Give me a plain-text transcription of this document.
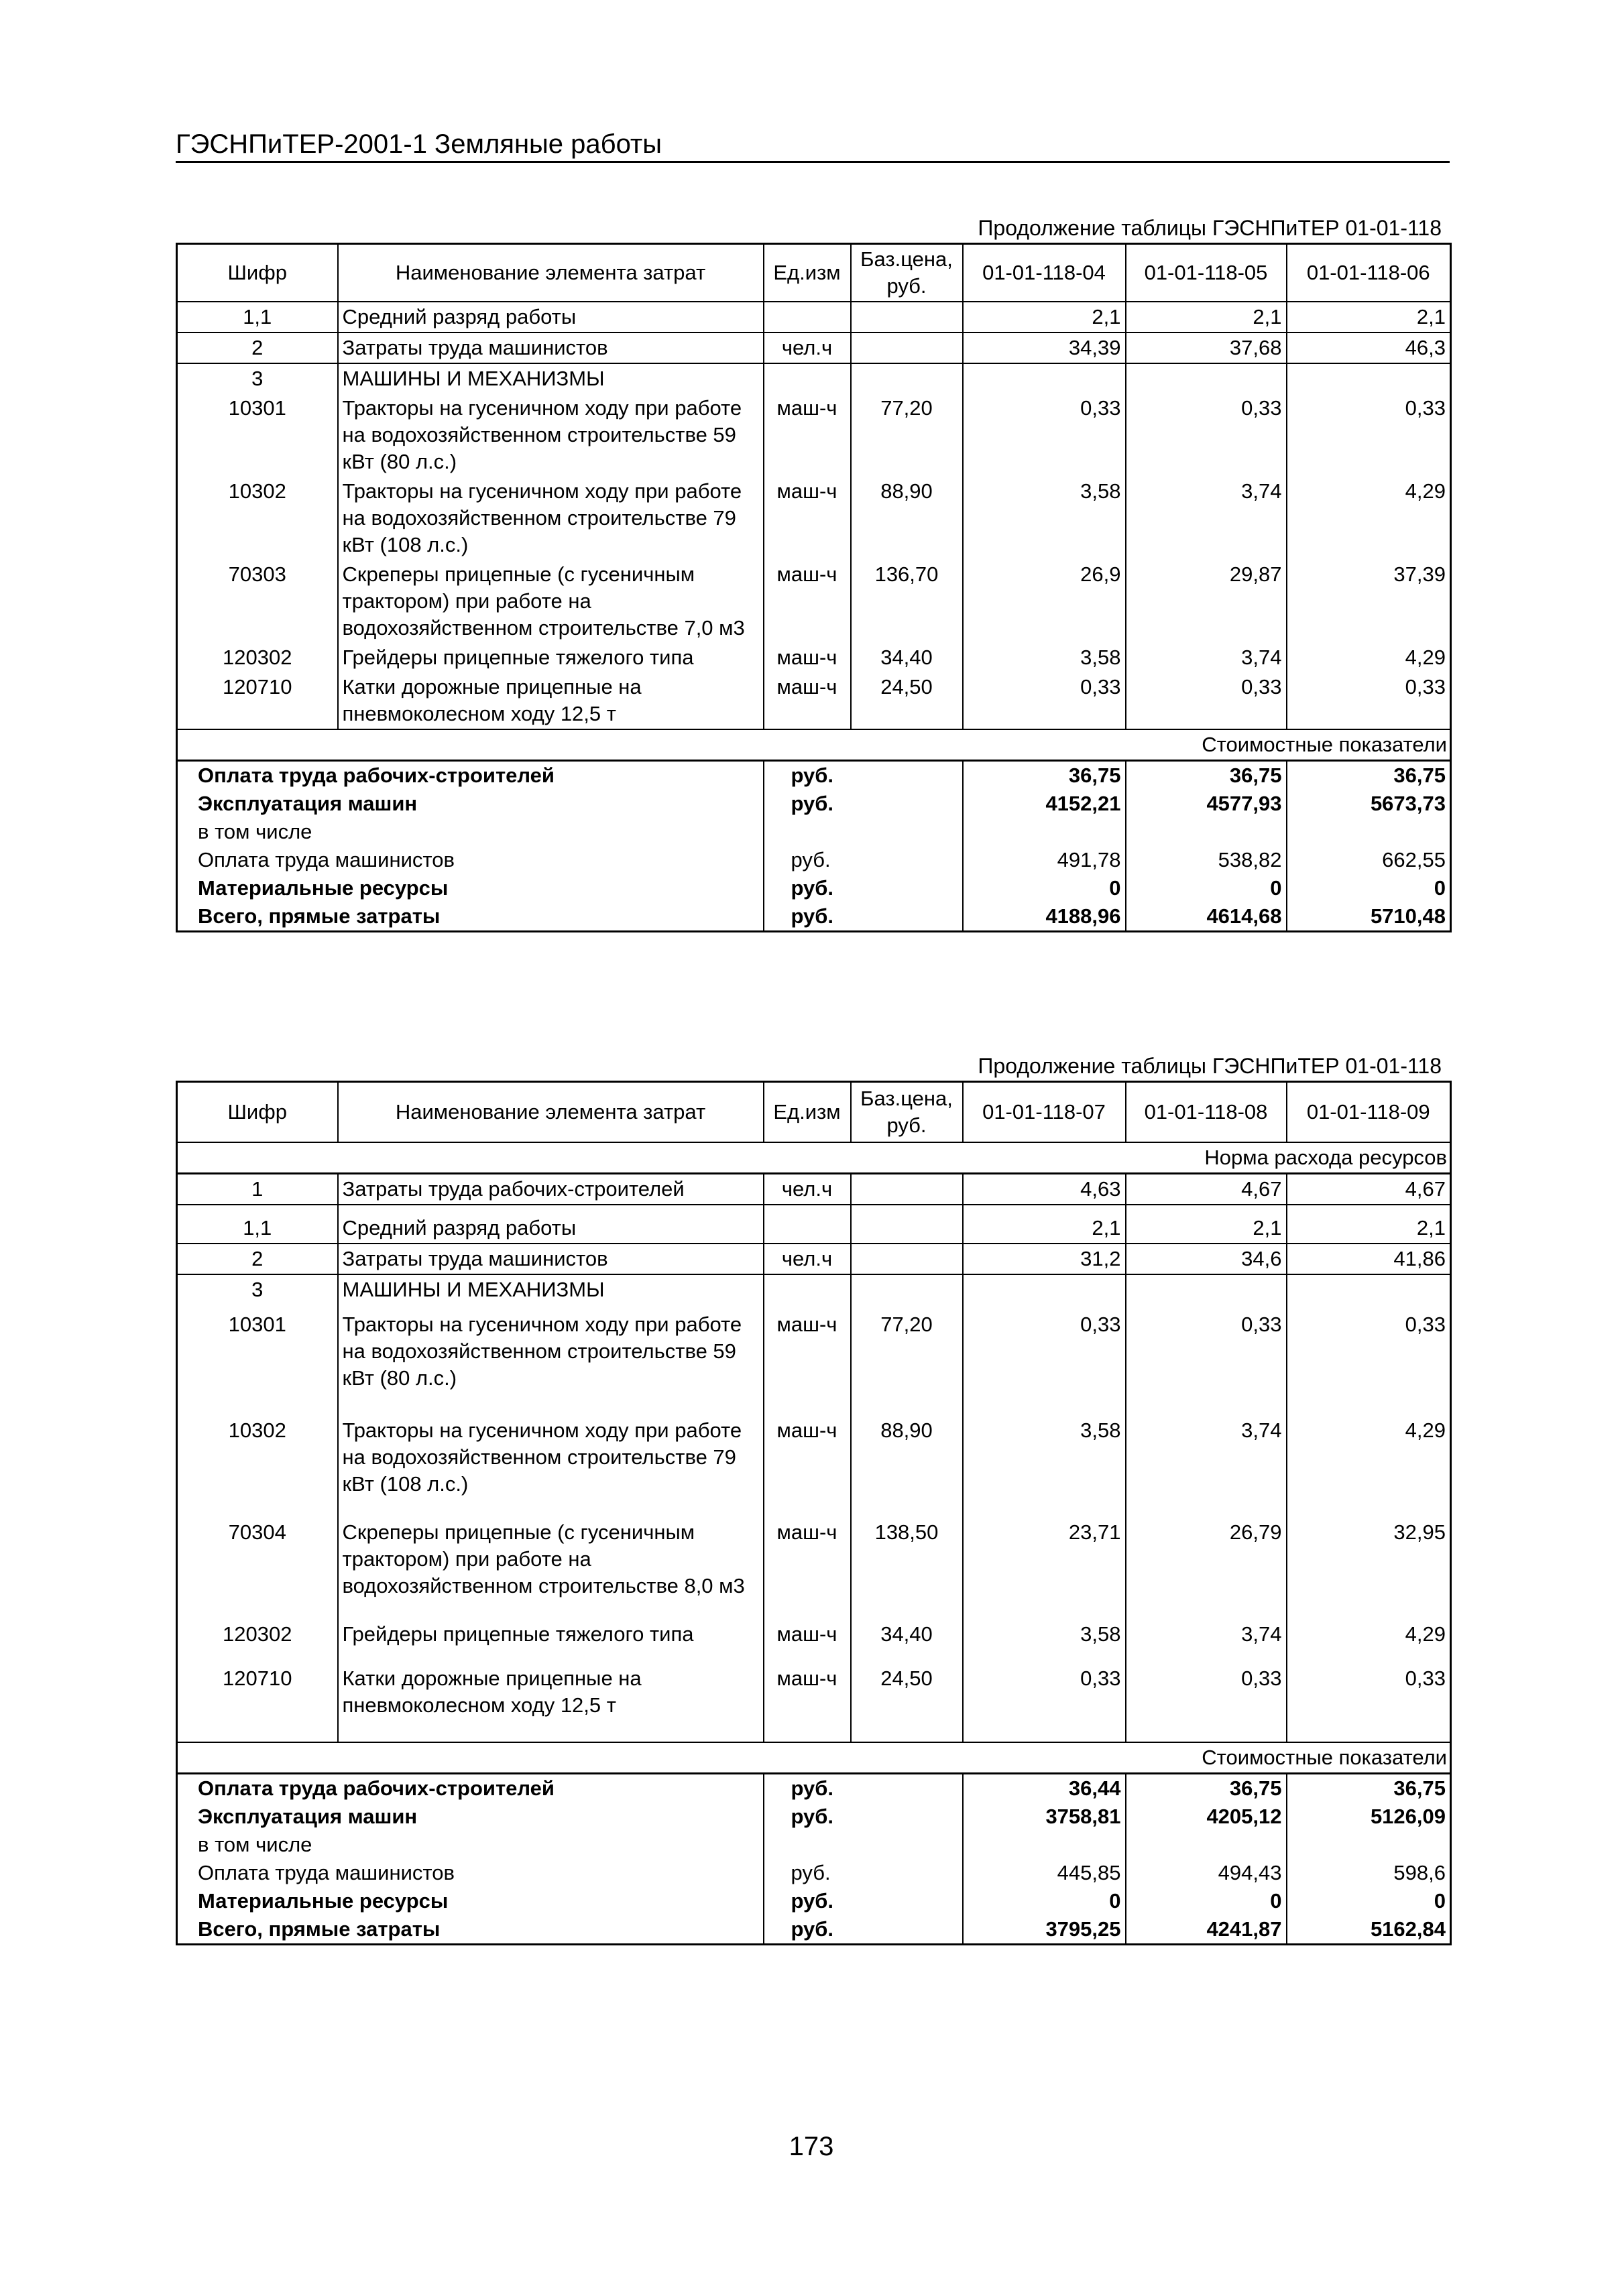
ГЭСНПиТЕР-2001-1 Земляные работы
Продолжение таблицы ГЭСНПиТЕР 01-01-118
Шифр	Наименование элемента затрат	Ед.изм	Баз.цена, руб.	01-01-118-04	01-01-118-05	01-01-118-06
1,1	Средний разряд работы			2,1	2,1	2,1
2	Затраты труда машинистов	чел.ч		34,39	37,68	46,3
3	МАШИНЫ И МЕХАНИЗМЫ					
10301	Тракторы на гусеничном ходу при работе на водохозяйственном строительстве 59 кВт (80 л.с.)	маш-ч	77,20	0,33	0,33	0,33
10302	Тракторы на гусеничном ходу при работе на водохозяйственном строительстве 79 кВт (108 л.с.)	маш-ч	88,90	3,58	3,74	4,29
70303	Скреперы прицепные (с гусеничным трактором) при работе на водохозяйственном строительстве 7,0 м3	маш-ч	136,70	26,9	29,87	37,39
120302	Грейдеры прицепные тяжелого типа	маш-ч	34,40	3,58	3,74	4,29
120710	Катки дорожные прицепные на пневмоколесном ходу 12,5 т	маш-ч	24,50	0,33	0,33	0,33
Стоимостные показатели						
Оплата труда рабочих-строителей		руб.		36,75	36,75	36,75
Эксплуатация машин		руб.		4152,21	4577,93	5673,73
в том числе						
Оплата труда машинистов		руб.		491,78	538,82	662,55
Материальные ресурсы		руб.		0	0	0
Всего, прямые затраты		руб.		4188,96	4614,68	5710,48
Продолжение таблицы ГЭСНПиТЕР 01-01-118
Шифр	Наименование элемента затрат	Ед.изм	Баз.цена, руб.	01-01-118-07	01-01-118-08	01-01-118-09
Норма расхода ресурсов						
1	Затраты труда рабочих-строителей	чел.ч		4,63	4,67	4,67
1,1	Средний разряд работы			2,1	2,1	2,1
2	Затраты труда машинистов	чел.ч		31,2	34,6	41,86
3	МАШИНЫ И МЕХАНИЗМЫ					
10301	Тракторы на гусеничном ходу при работе на водохозяйственном строительстве 59 кВт (80 л.с.)	маш-ч	77,20	0,33	0,33	0,33
10302	Тракторы на гусеничном ходу при работе на водохозяйственном строительстве 79 кВт (108 л.с.)	маш-ч	88,90	3,58	3,74	4,29
70304	Скреперы прицепные (с гусеничным трактором) при работе на водохозяйственном строительстве 8,0 м3	маш-ч	138,50	23,71	26,79	32,95
120302	Грейдеры прицепные тяжелого типа	маш-ч	34,40	3,58	3,74	4,29
120710	Катки дорожные прицепные на пневмоколесном ходу 12,5 т	маш-ч	24,50	0,33	0,33	0,33
Стоимостные показатели						
Оплата труда рабочих-строителей		руб.		36,44	36,75	36,75
Эксплуатация машин		руб.		3758,81	4205,12	5126,09
в том числе						
Оплата труда машинистов		руб.		445,85	494,43	598,6
Материальные ресурсы		руб.		0	0	0
Всего, прямые затраты		руб.		3795,25	4241,87	5162,84
173
